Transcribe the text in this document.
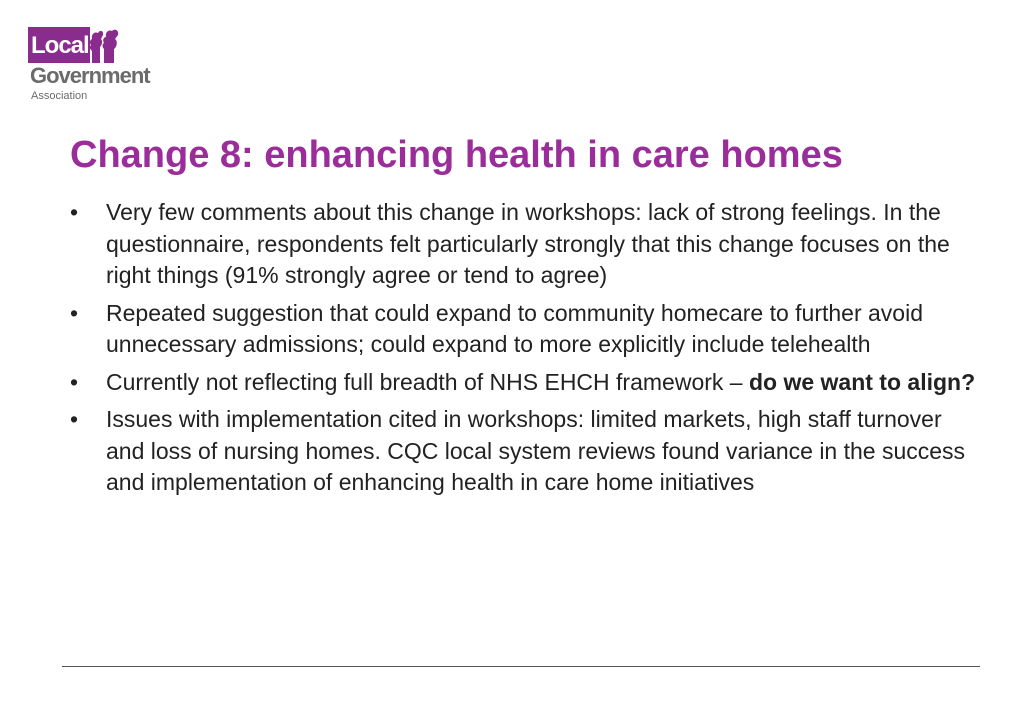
Local
Government
Association
Change 8: enhancing health in care homes
•	Very few comments about this change in workshops: lack of strong feelings. In the questionnaire, respondents felt particularly strongly that this change focuses on the right things (91% strongly agree or tend to agree)
•	Repeated suggestion that could expand to community homecare to further avoid unnecessary admissions; could expand to more explicitly include telehealth
•	Currently not reflecting full breadth of NHS EHCH framework – do we want to align?
•	Issues with implementation cited in workshops: limited markets, high staff turnover and loss of nursing homes. CQC local system reviews found variance in the success and implementation of enhancing health in care home initiatives
